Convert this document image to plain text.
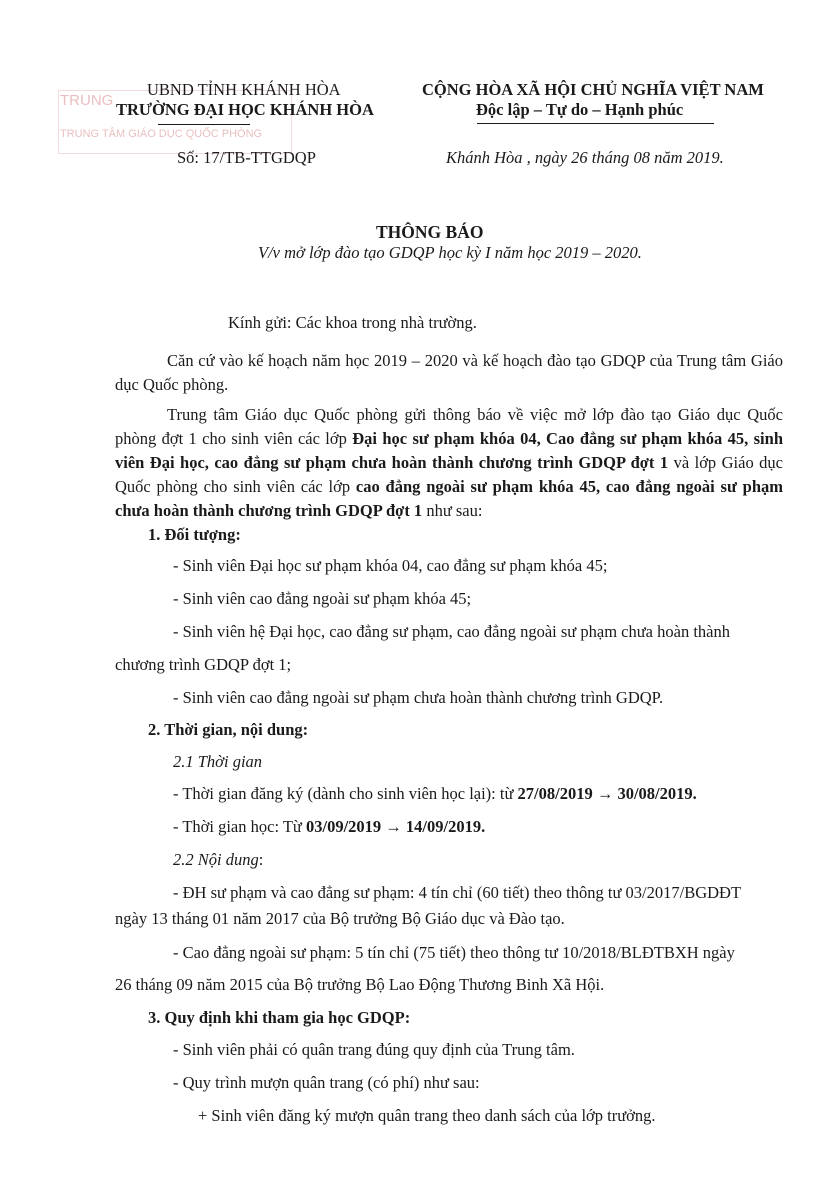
TRUNG
TRUNG TÂM GIÁO DỤC QUỐC PHÒNG
UBND TỈNH KHÁNH HÒA
TRƯỜNG ĐẠI HỌC KHÁNH HÒA
Số: 17/TB-TTGDQP
CỘNG HÒA XÃ HỘI CHỦ NGHĨA VIỆT NAM
Độc lập – Tự do – Hạnh phúc
Khánh Hòa , ngày 26 tháng 08 năm 2019.
THÔNG BÁO
V/v mở lớp đào tạo GDQP học kỳ I năm học 2019 – 2020.
Kính gửi: Các khoa trong nhà trường.
Căn cứ vào kế hoạch năm học 2019 – 2020 và kế hoạch đào tạo GDQP của Trung tâm Giáo dục Quốc phòng.
Trung tâm Giáo dục Quốc phòng gửi thông báo về việc mở lớp đào tạo Giáo dục Quốc phòng đợt 1 cho sinh viên các lớp Đại học sư phạm khóa 04, Cao đẳng sư phạm khóa 45, sinh viên Đại học, cao đẳng sư phạm chưa hoàn thành chương trình GDQP đợt 1 và lớp Giáo dục Quốc phòng cho sinh viên các lớp cao đẳng ngoài sư phạm khóa 45, cao đẳng ngoài sư phạm chưa hoàn thành chương trình GDQP đợt 1 như sau:
1. Đối tượng:
- Sinh viên Đại học sư phạm khóa 04, cao đẳng sư phạm khóa 45;
- Sinh viên cao đẳng ngoài sư phạm khóa 45;
- Sinh viên hệ Đại học, cao đẳng sư phạm, cao đẳng ngoài sư phạm chưa hoàn thành
chương trình GDQP đợt 1;
- Sinh viên cao đẳng ngoài sư phạm chưa hoàn thành chương trình GDQP.
2. Thời gian, nội dung:
2.1 Thời gian
- Thời gian đăng ký (dành cho sinh viên học lại): từ 27/08/2019 → 30/08/2019.
- Thời gian học: Từ 03/09/2019 → 14/09/2019.
2.2 Nội dung:
- ĐH sư phạm và cao đẳng sư phạm: 4 tín chỉ (60 tiết) theo thông tư 03/2017/BGDĐT
ngày 13 tháng 01 năm 2017 của Bộ trưởng Bộ Giáo dục và Đào tạo.
- Cao đẳng ngoài sư phạm: 5 tín chỉ (75 tiết) theo thông tư 10/2018/BLĐTBXH ngày
26 tháng 09 năm 2015 của Bộ trưởng Bộ Lao Động Thương Binh Xã Hội.
3. Quy định khi tham gia học GDQP:
- Sinh viên phải có quân trang đúng quy định của Trung tâm.
- Quy trình mượn quân trang (có phí) như sau:
+ Sinh viên đăng ký mượn quân trang theo danh sách của lớp trưởng.
